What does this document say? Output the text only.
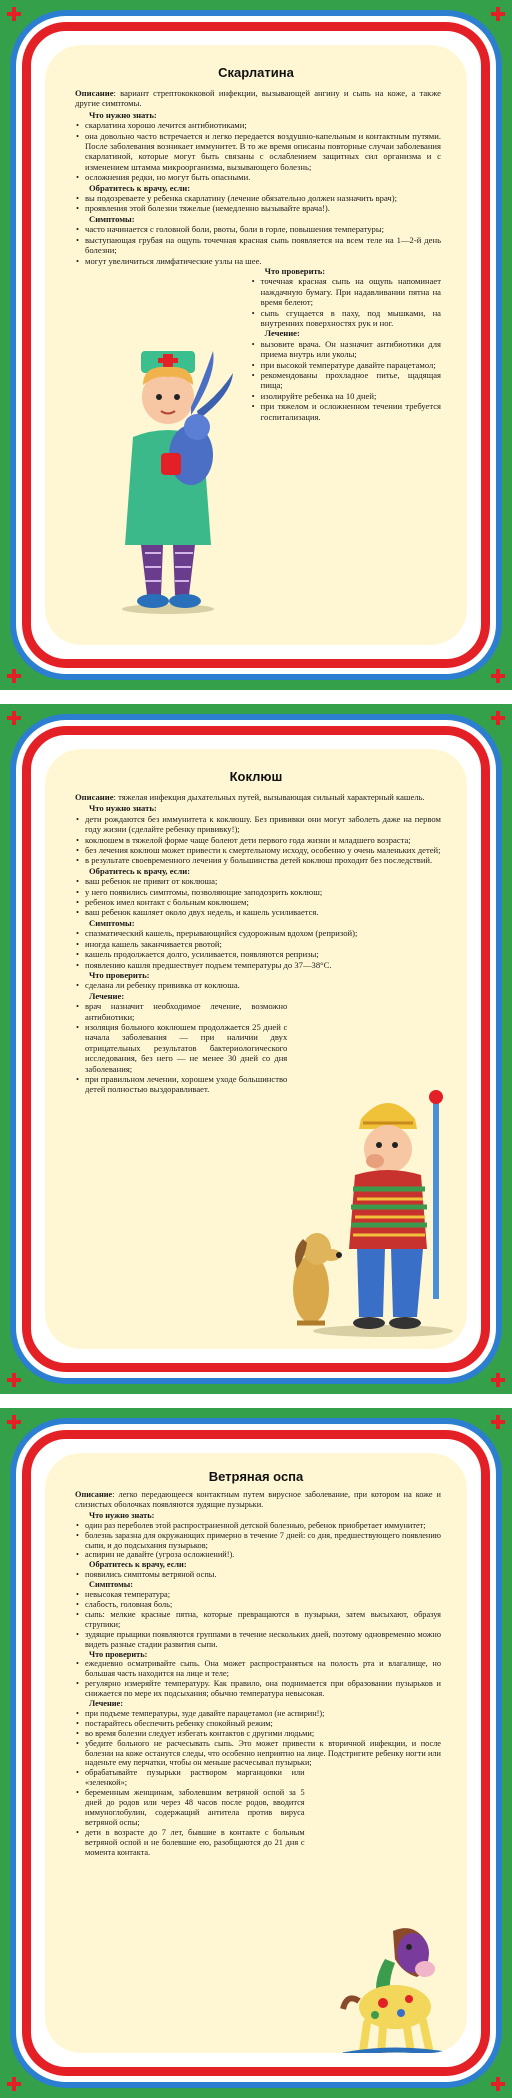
Скарлатина

Описание: вариант стрептококковой инфекции, вызывающей ангину и сыпь на коже, а также другие симптомы.

Что нужно знать:
• скарлатина хорошо лечится антибиотиками;
• она довольно часто встречается и легко передается воздушно-капельным и контактным путями. После заболевания возникает иммунитет. В то же время описаны повторные случаи заболевания скарлатиной, которые могут быть связаны с ослаблением защитных сил организма и с изменением штамма микроорганизма, вызывающего болезнь;
• осложнения редки, но могут быть опасными.
Обратитесь к врачу, если:
• вы подозреваете у ребенка скарлатину (лечение обязательно должен назначить врач);
• проявления этой болезни тяжелые (немедленно вызывайте врача!).
Симптомы:
• часто начинается с головной боли, рвоты, боли в горле, повышения температуры;
• выступающая грубая на ощупь точечная красная сыпь появляется на всем теле на 1—2-й день болезни;
• могут увеличиться лимфатические узлы на шее.
Что проверить:
• точечная красная сыпь на ощупь напоминает наждачную бумагу. При надавливании пятна на время белеют;
• сыпь сгущается в паху, под мышками, на внутренних поверхностях рук и ног.
Лечение:
• вызовите врача. Он назначит антибиотики для приема внутрь или уколы;
• при высокой температуре давайте парацетамол;
• рекомендованы прохладное питье, щадящая пища;
• изолируйте ребенка на 10 дней;
• при тяжелом и осложненном течении требуется госпитализация.
Коклюш

Описание: тяжелая инфекция дыхательных путей, вызывающая сильный характерный кашель.

Что нужно знать:
• дети рождаются без иммунитета к коклюшу. Без прививки они могут заболеть даже на первом году жизни (сделайте ребенку прививку!);
• коклюшем в тяжелой форме чаще болеют дети первого года жизни и младшего возраста;
• без лечения коклюш может привести к смертельному исходу, особенно у очень маленьких детей;
• в результате своевременного лечения у большинства детей коклюш проходит без последствий.
Обратитесь к врачу, если:
• ваш ребенок не привит от коклюша;
• у него появились симптомы, позволяющие заподозрить коклюш;
• ребенок имел контакт с больным коклюшем;
• ваш ребенок кашляет около двух недель, и кашель усиливается.
Симптомы:
• спазматический кашель, прерывающийся судорожным вдохом (репризой);
• иногда кашель заканчивается рвотой;
• кашель продолжается долго, усиливается, появляются репризы;
• появлению кашля предшествует подъем температуры до 37—38°С.
Что проверить:
• сделана ли ребенку прививка от коклюша.
Лечение:
• врач назначит необходимое лечение, возможно антибиотики;
• изоляция больного коклюшем продолжается 25 дней с начала заболевания — при наличии двух отрицательных результатов бактериологического исследования, без него — не менее 30 дней со дня заболевания;
• при правильном лечении, хорошем уходе большинство детей полностью выздоравливает.
Ветряная оспа

Описание: легко передающееся контактным путем вирусное заболевание, при котором на коже и слизистых оболочках появляются зудящие пузырьки.

Что нужно знать:
• один раз переболев этой распространенной детской болезнью, ребенок приобретает иммунитет;
• болезнь заразна для окружающих примерно в течение 7 дней: со дня, предшествующего появлению сыпи, и до подсыхания пузырьков;
• аспирин не давайте (угроза осложнений!).
Обратитесь к врачу, если:
• появились симптомы ветряной оспы.
Симптомы:
• невысокая температура;
• слабость, головная боль;
• сыпь: мелкие красные пятна, которые превращаются в пузырьки, затем высыхают, образуя струпики;
• зудящие прыщики появляются группами в течение нескольких дней, поэтому одновременно можно видеть разные стадии развития сыпи.
Что проверить:
• ежедневно осматривайте сыпь. Она может распространяться на полость рта и влагалище, но большая часть находится на лице и теле;
• регулярно измеряйте температуру. Как правило, она поднимается при образовании пузырьков и снижается по мере их подсыхания; обычно температура невысокая.
Лечение:
• при подъеме температуры, зуде давайте парацетамол (не аспирин!);
• постарайтесь обеспечить ребенку спокойный режим;
• во время болезни следует избегать контактов с другими людьми;
• убедите больного не расчесывать сыпь. Это может привести к вторичной инфекции, и после болезни на коже останутся следы, что особенно неприятно на лице. Подстригите ребенку ногти или наденьте ему перчатки, чтобы он меньше расчесывал пузырьки;
• обрабатывайте пузырьки раствором марганцовки или «зеленкой»;
• беременным женщинам, заболевшим ветряной оспой за 5 дней до родов или через 48 часов после родов, вводится иммуноглобулин, содержащий антитела против вируса ветряной оспы;
• дети в возрасте до 7 лет, бывшие в контакте с больным ветряной оспой и не болевшие ею, разобщаются до 21 дня с момента контакта.
